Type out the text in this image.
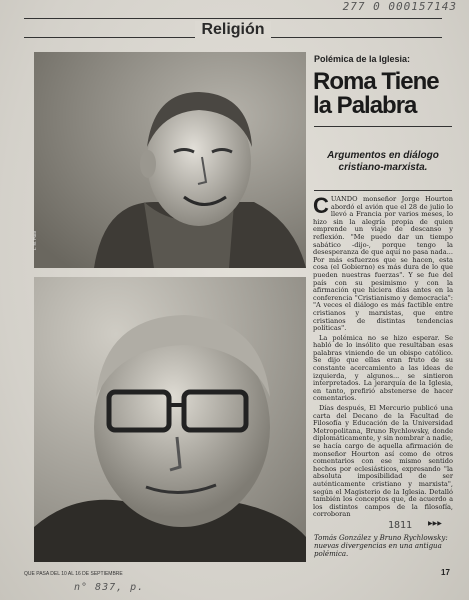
277 0 000157143
Religión
L. M. Puco
Polémica de la Iglesia:
Roma Tiene la Palabra
Argumentos en diálogo cristiano-marxista.

CUANDO monseñor Jorge Hourton abordó el avión que el 28 de julio lo llevó a Francia por varios meses, lo hizo sin la alegría propia de quien emprende un viaje de descanso y reflexión. "Me puedo dar un tiempo sabático -dijo-, porque tengo la desesperanza de que aquí no pasa nada... Por más esfuerzos que se hacen, esta cosa (el Gobierno) es más dura de lo que pueden nuestras fuerzas". Y se fue del país con su pesimismo y con la afirmación que hiciera días antes en la conferencia "Cristianismo y democracia": "A veces el diálogo es más factible entre cristianos y marxistas, que entre cristianos de distintas tendencias políticas".

La polémica no se hizo esperar. Se habló de lo insólito que resultaban esas palabras viniendo de un obispo católico. Se dijo que ellas eran fruto de su constante acercamiento a las ideas de izquierda, y algunos... se sintieron interpretados. La jerarquía de la Iglesia, en tanto, prefirió abstenerse de hacer comentarios.

Días después, El Mercurio publicó una carta del Decano de la Facultad de Filosofía y Educación de la Universidad Metropolitana, Bruno Rychlowsky, donde diplomáticamente, y sin nombrar a nadie, se hacía cargo de aquella afirmación de monseñor Hourton así como de otros comentarios con ese mismo sentido hechos por eclesiásticos, expresando "la absoluta imposibilidad de ser auténticamente cristiano y marxista", según el Magisterio de la Iglesia. Detalló también los conceptos que, de acuerdo a los distintos campos de la filosofía, corroboran

▶▶▶
1811
Tomás González y Bruno Rychlowsky: nuevas divergencias en una antigua polémica.
QUE PASA DEL 10 AL 16 DE SEPTIEMBRE	17
n° 837, p.
